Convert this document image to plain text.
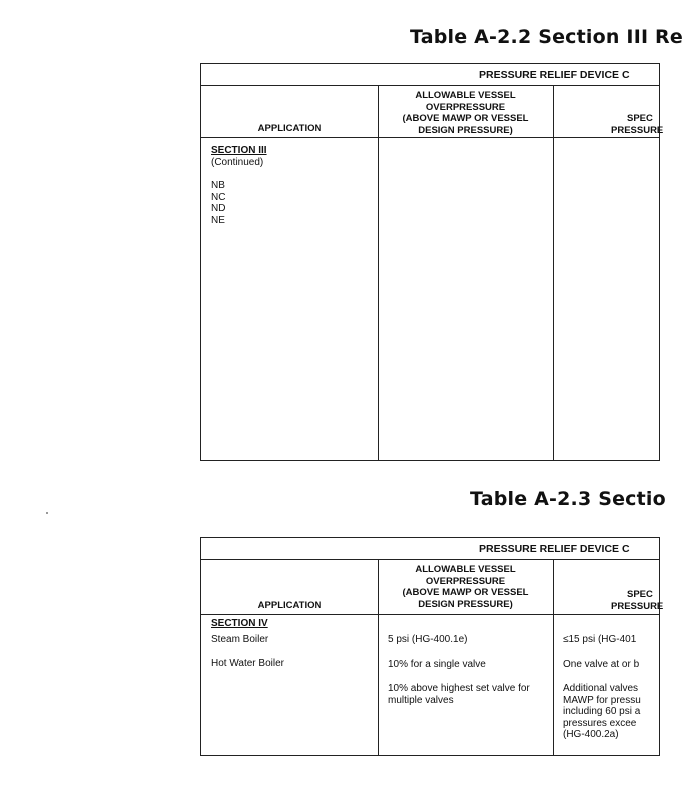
Table A-2.2 Section III Re
PRESSURE RELIEF DEVICE C
APPLICATION
ALLOWABLE VESSEL
OVERPRESSURE
(ABOVE MAWP OR VESSEL
DESIGN PRESSURE)
SPEC
PRESSURE
SECTION III
(Continued)
NB
NC
ND
NE
Table A-2.3 Sectio
PRESSURE RELIEF DEVICE C
APPLICATION
ALLOWABLE VESSEL
OVERPRESSURE
(ABOVE MAWP OR VESSEL
DESIGN PRESSURE)
SPEC
PRESSURE
SECTION IV
Steam Boiler
Hot Water Boiler
5 psi (HG-400.1e)
10% for a single valve
10% above highest set valve for
multiple valves
≤15 psi (HG-401
One valve at or b
Additional valves
MAWP for pressu
including 60 psi a
pressures excee
(HG-400.2a)
